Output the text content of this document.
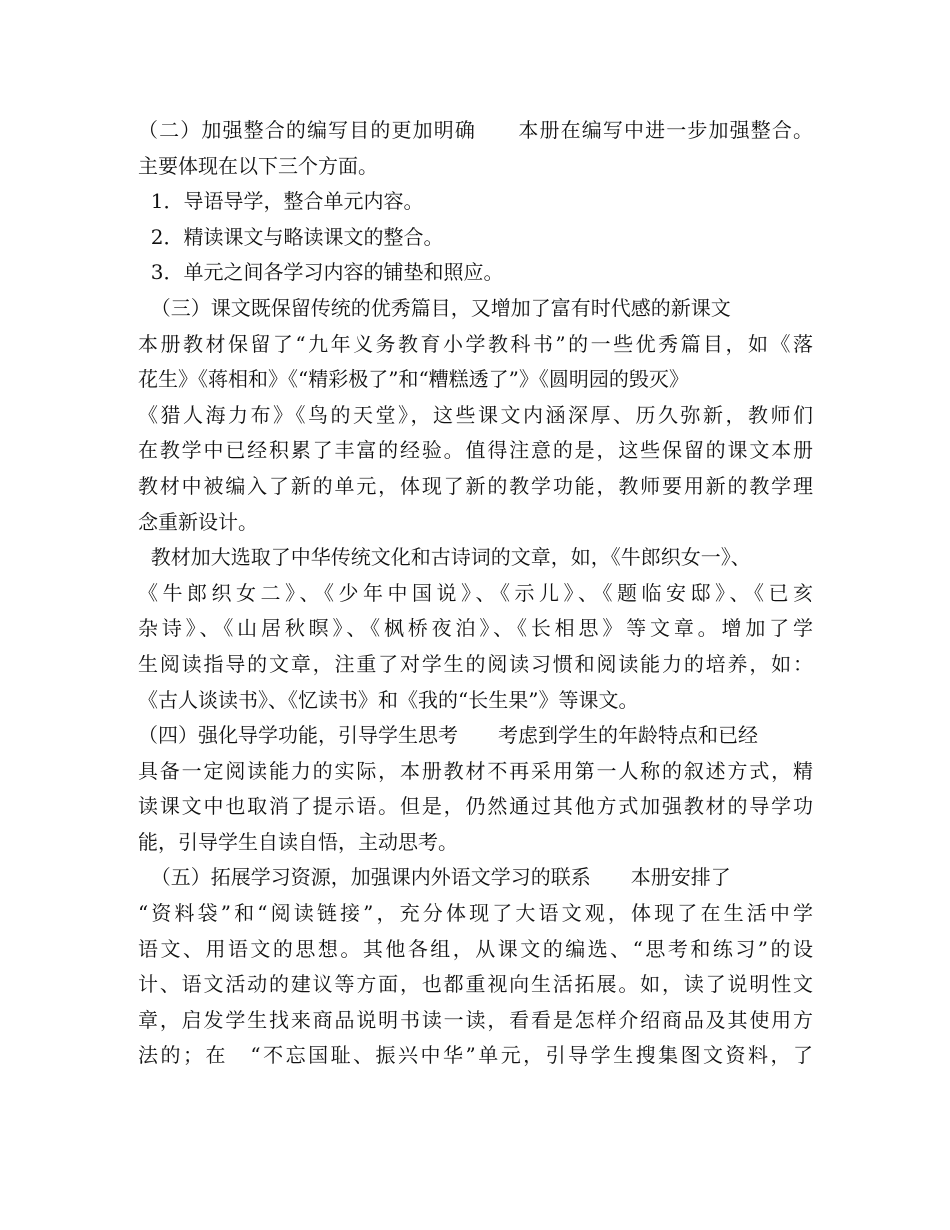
（二）加强整合的编写目的更加明确　　本册在编写中进一步加强整合。
主要体现在以下三个方面。
1．导语导学，整合单元内容。
2．精读课文与略读课文的整合。
3．单元之间各学习内容的铺垫和照应。
（三）课文既保留传统的优秀篇目，又增加了富有时代感的新课文
本册教材保留了“九年义务教育小学教科书”的一些优秀篇目，如《落
花生》《蒋相和》《“精彩极了”和“糟糕透了”》《圆明园的毁灭》
《猎人海力布》《鸟的天堂》，这些课文内涵深厚、历久弥新，教师们
在教学中已经积累了丰富的经验。值得注意的是，这些保留的课文本册
教材中被编入了新的单元，体现了新的教学功能，教师要用新的教学理
念重新设计。
教材加大选取了中华传统文化和古诗词的文章，如，《牛郎织女一》、
《牛郎织女二》、《少年中国说》、《示儿》、《题临安邸》、《已亥
杂诗》、《山居秋暝》、《枫桥夜泊》、《长相思》等文章。增加了学
生阅读指导的文章，注重了对学生的阅读习惯和阅读能力的培养，如：
《古人谈读书》、《忆读书》和《我的“长生果”》等课文。
（四）强化导学功能，引导学生思考　　考虑到学生的年龄特点和已经
具备一定阅读能力的实际，本册教材不再采用第一人称的叙述方式，精
读课文中也取消了提示语。但是，仍然通过其他方式加强教材的导学功
能，引导学生自读自悟，主动思考。
（五）拓展学习资源，加强课内外语文学习的联系　　本册安排了
“资料袋”和“阅读链接”，充分体现了大语文观，体现了在生活中学
语文、用语文的思想。其他各组，从课文的编选、“思考和练习”的设
计、语文活动的建议等方面，也都重视向生活拓展。如，读了说明性文
章，启发学生找来商品说明书读一读，看看是怎样介绍商品及其使用方
法的；在　“不忘国耻、振兴中华”单元，引导学生搜集图文资料，了
